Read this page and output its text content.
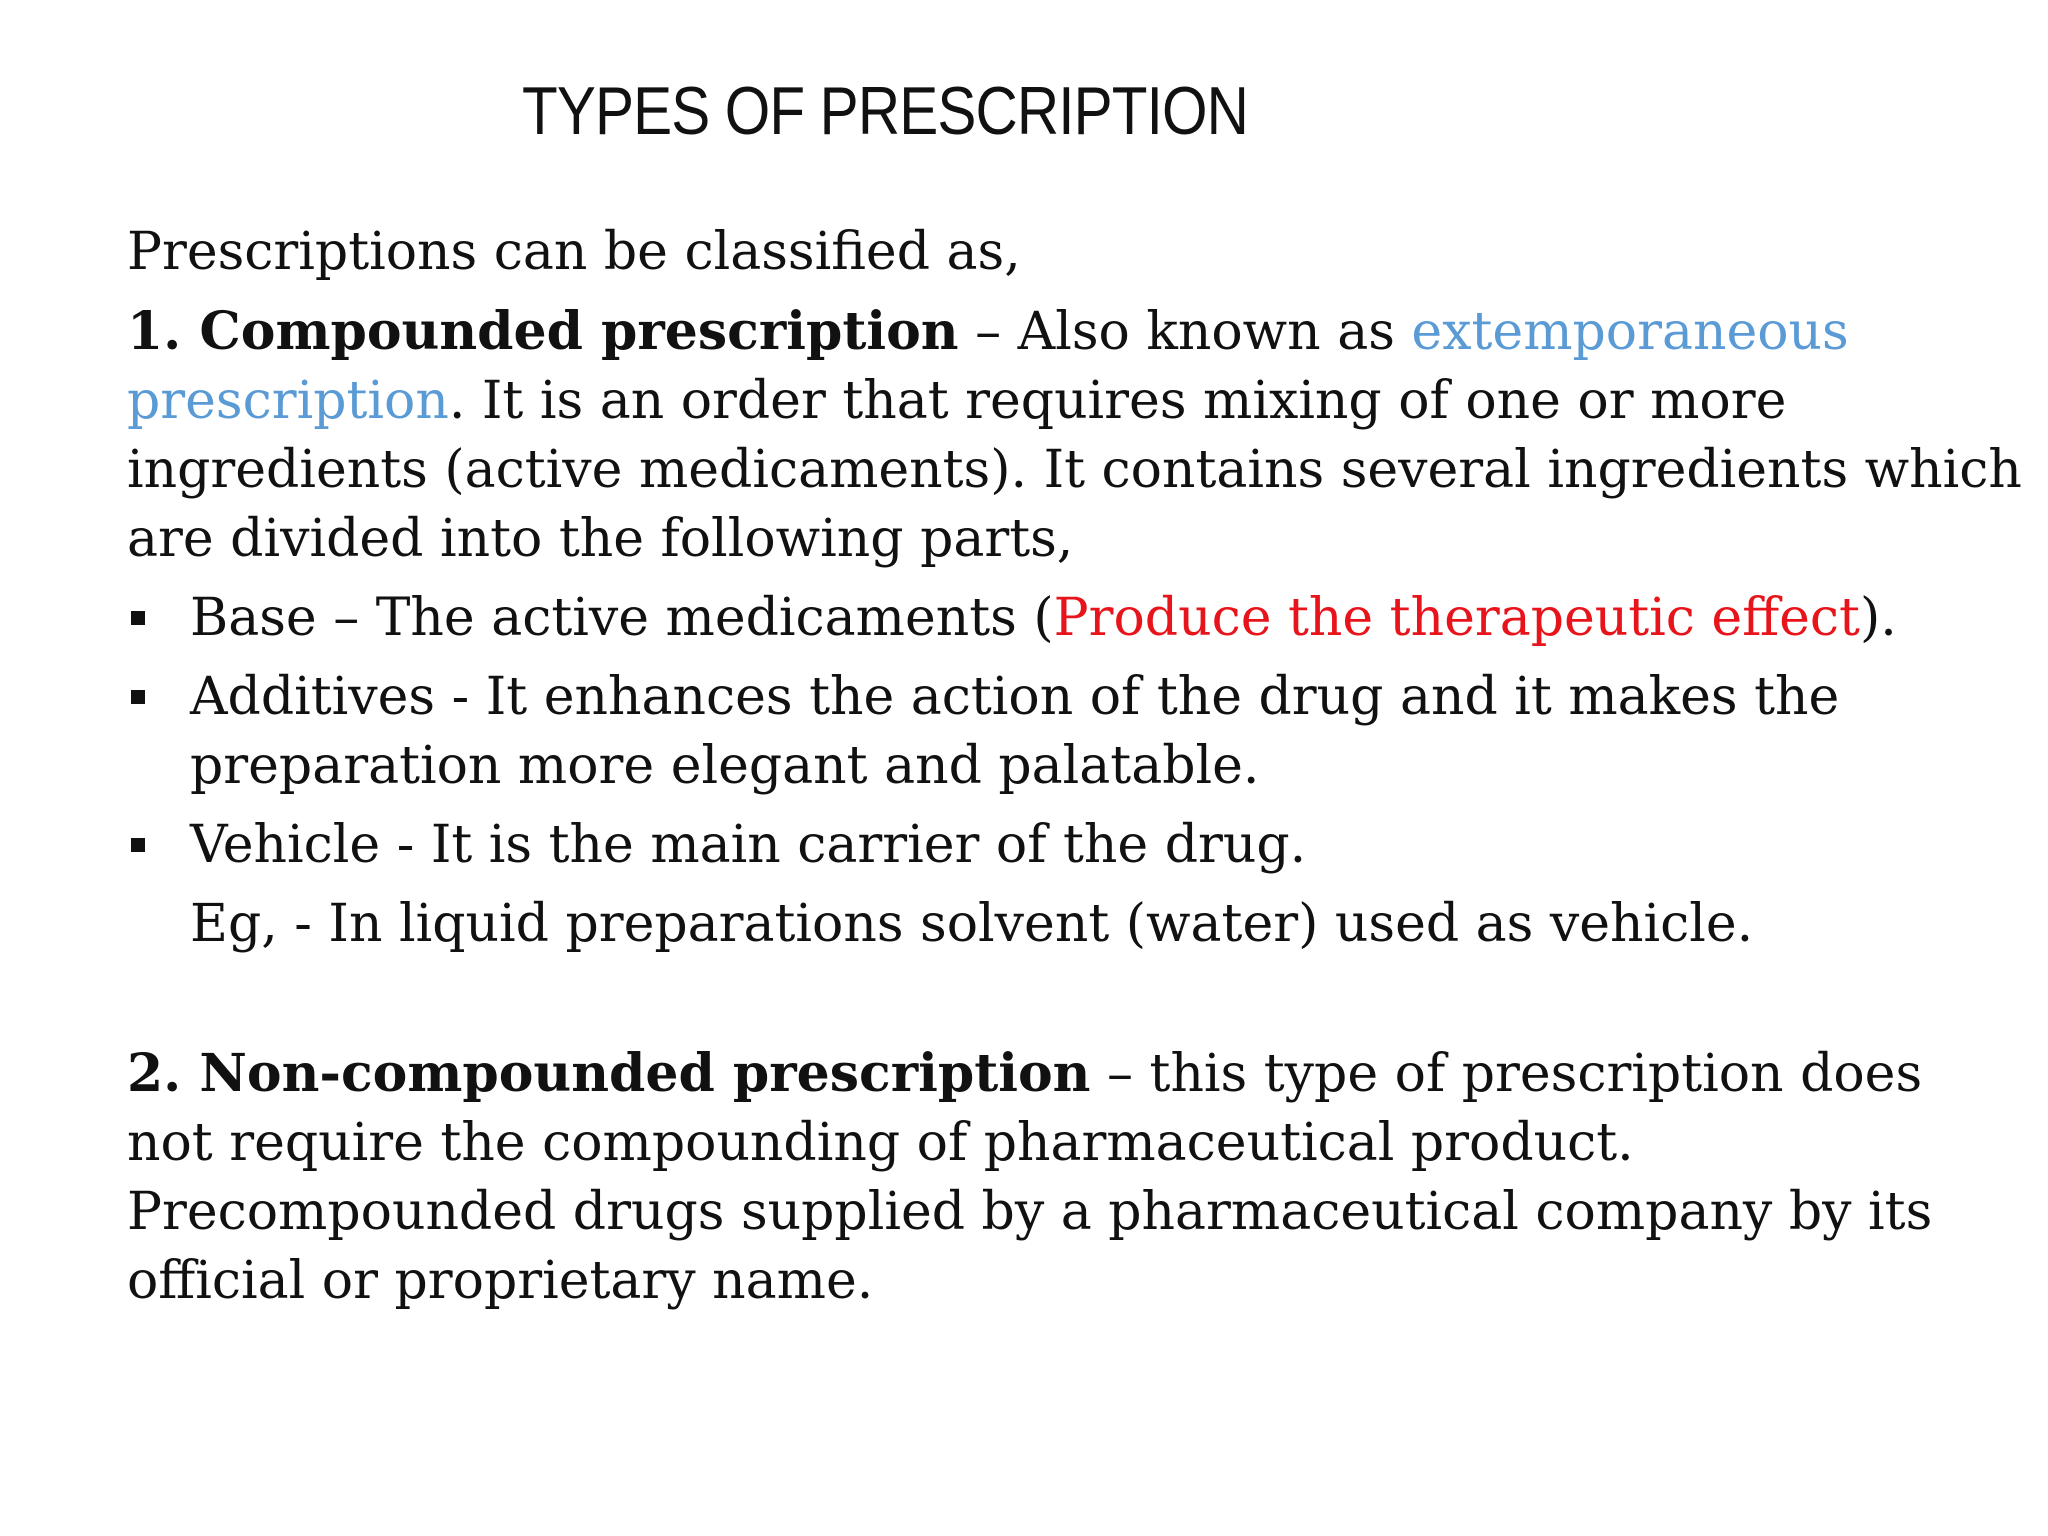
TYPES OF PRESCRIPTION

Prescriptions can be classified as,

1. Compounded prescription – Also known as extemporaneous prescription. It is an order that requires mixing of one or more ingredients (active medicaments). It contains several ingredients which are divided into the following parts,

Base – The active medicaments (Produce the therapeutic effect).
Additives - It enhances the action of the drug and it makes the preparation more elegant and palatable.
Vehicle - It is the main carrier of the drug.

Eg, - In liquid preparations solvent (water) used as vehicle.

2. Non-compounded prescription – this type of prescription does not require the compounding of pharmaceutical product. Precompounded drugs supplied by a pharmaceutical company by its official or proprietary name.
